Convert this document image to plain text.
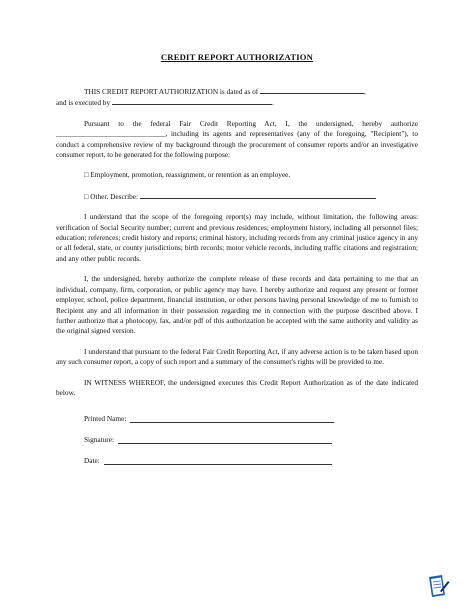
CREDIT REPORT AUTHORIZATION

THIS CREDIT REPORT AUTHORIZATION is dated as of	,
and is executed by	.

Pursuant to the federal Fair Credit Reporting Act, I, the undersigned, hereby authorize ______________________________, including its agents and representatives (any of the foregoing, "Recipient"), to conduct a comprehensive review of my background through the procurement of consumer reports and/or an investigative consumer report, to be generated for the following purpose:

□ Employment, promotion, reassignment, or retention as an employee.

□ Other. Describe:

I understand that the scope of the foregoing report(s) may include, without limitation, the following areas: verification of Social Security number; current and previous residences; employment history, including all personnel files; education; references; credit history and reports; criminal history, including records from any criminal justice agency in any or all federal, state, or county jurisdictions; birth records; motor vehicle records, including traffic citations and registration; and any other public records.

I, the undersigned, hereby authorize the complete release of these records and data pertaining to me that an individual, company, firm, corporation, or public agency may have. I hereby authorize and request any present or former employer, school, police department, financial institution, or other persons having personal knowledge of me to furnish to Recipient any and all information in their possession regarding me in connection with the purpose described above. I further authorize that a photocopy, fax, and/or pdf of this authorization be accepted with the same authority and validity as the original signed version.

I understand that pursuant to the federal Fair Credit Reporting Act, if any adverse action is to be taken based upon any such consumer report, a copy of such report and a summary of the consumer's rights will be provided to me.

IN WITNESS WHEREOF, the undersigned executes this Credit Report Authorization as of the date indicated below.

Printed Name:
Signature:
Date:
